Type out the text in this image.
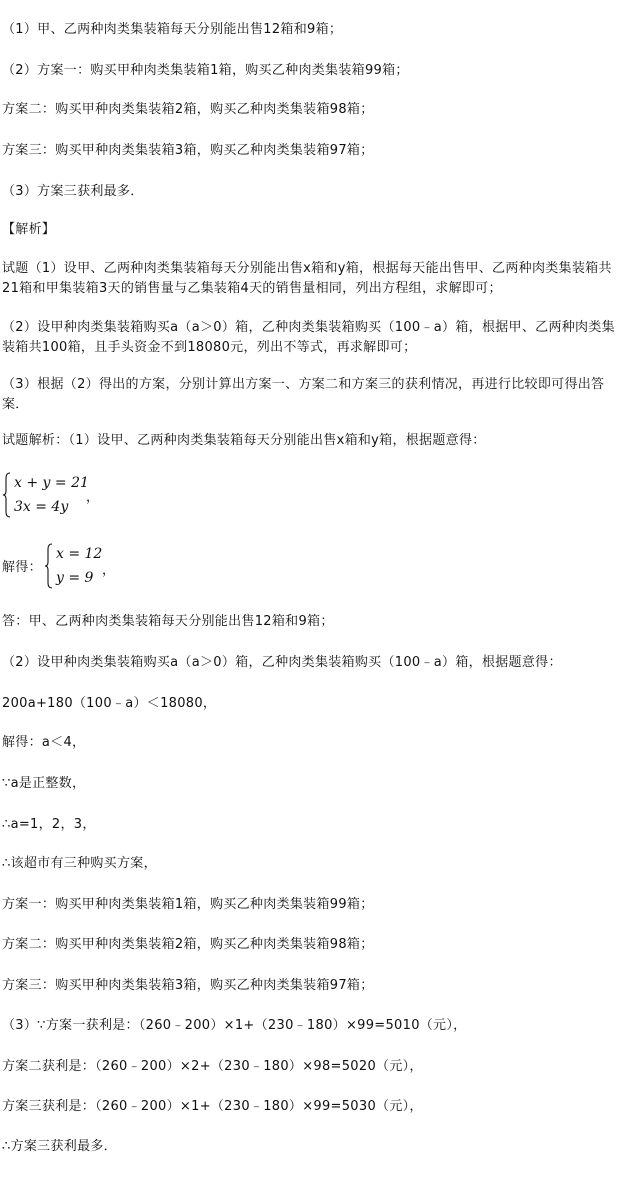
（1）甲、乙两种肉类集装箱每天分别能出售12箱和9箱；
（2）方案一：购买甲种肉类集装箱1箱，购买乙种肉类集装箱99箱；
方案二：购买甲种肉类集装箱2箱，购买乙种肉类集装箱98箱；
方案三：购买甲种肉类集装箱3箱，购买乙种肉类集装箱97箱；
（3）方案三获利最多．
【解析】
试题（1）设甲、乙两种肉类集装箱每天分别能出售x箱和y箱，根据每天能出售甲、乙两种肉类集装箱共21箱和甲集装箱3天的销售量与乙集装箱4天的销售量相同，列出方程组，求解即可；
（2）设甲种肉类集装箱购买a（a＞0）箱，乙种肉类集装箱购买（100﹣a）箱，根据甲、乙两种肉类集装箱共100箱，且手头资金不到18080元，列出不等式，再求解即可；
（3）根据（2）得出的方案，分别计算出方案一、方案二和方案三的获利情况，再进行比较即可得出答案．
试题解析：（1）设甲、乙两种肉类集装箱每天分别能出售x箱和y箱，根据题意得：
x + y = 21
3x = 4y
，
解得：
x = 12
y = 9 ，
答：甲、乙两种肉类集装箱每天分别能出售12箱和9箱；
（2）设甲种肉类集装箱购买a（a＞0）箱，乙种肉类集装箱购买（100﹣a）箱，根据题意得：
200a+180（100﹣a）＜18080，
解得：a＜4，
∵a是正整数，
∴a=1，2，3，
∴该超市有三种购买方案，
方案一：购买甲种肉类集装箱1箱，购买乙种肉类集装箱99箱；
方案二：购买甲种肉类集装箱2箱，购买乙种肉类集装箱98箱；
方案三：购买甲种肉类集装箱3箱，购买乙种肉类集装箱97箱；
（3）∵方案一获利是：（260﹣200）×1+（230﹣180）×99=5010（元），
方案二获利是：（260﹣200）×2+（230﹣180）×98=5020（元），
方案三获利是：（260﹣200）×1+（230﹣180）×99=5030（元），
∴方案三获利最多．
